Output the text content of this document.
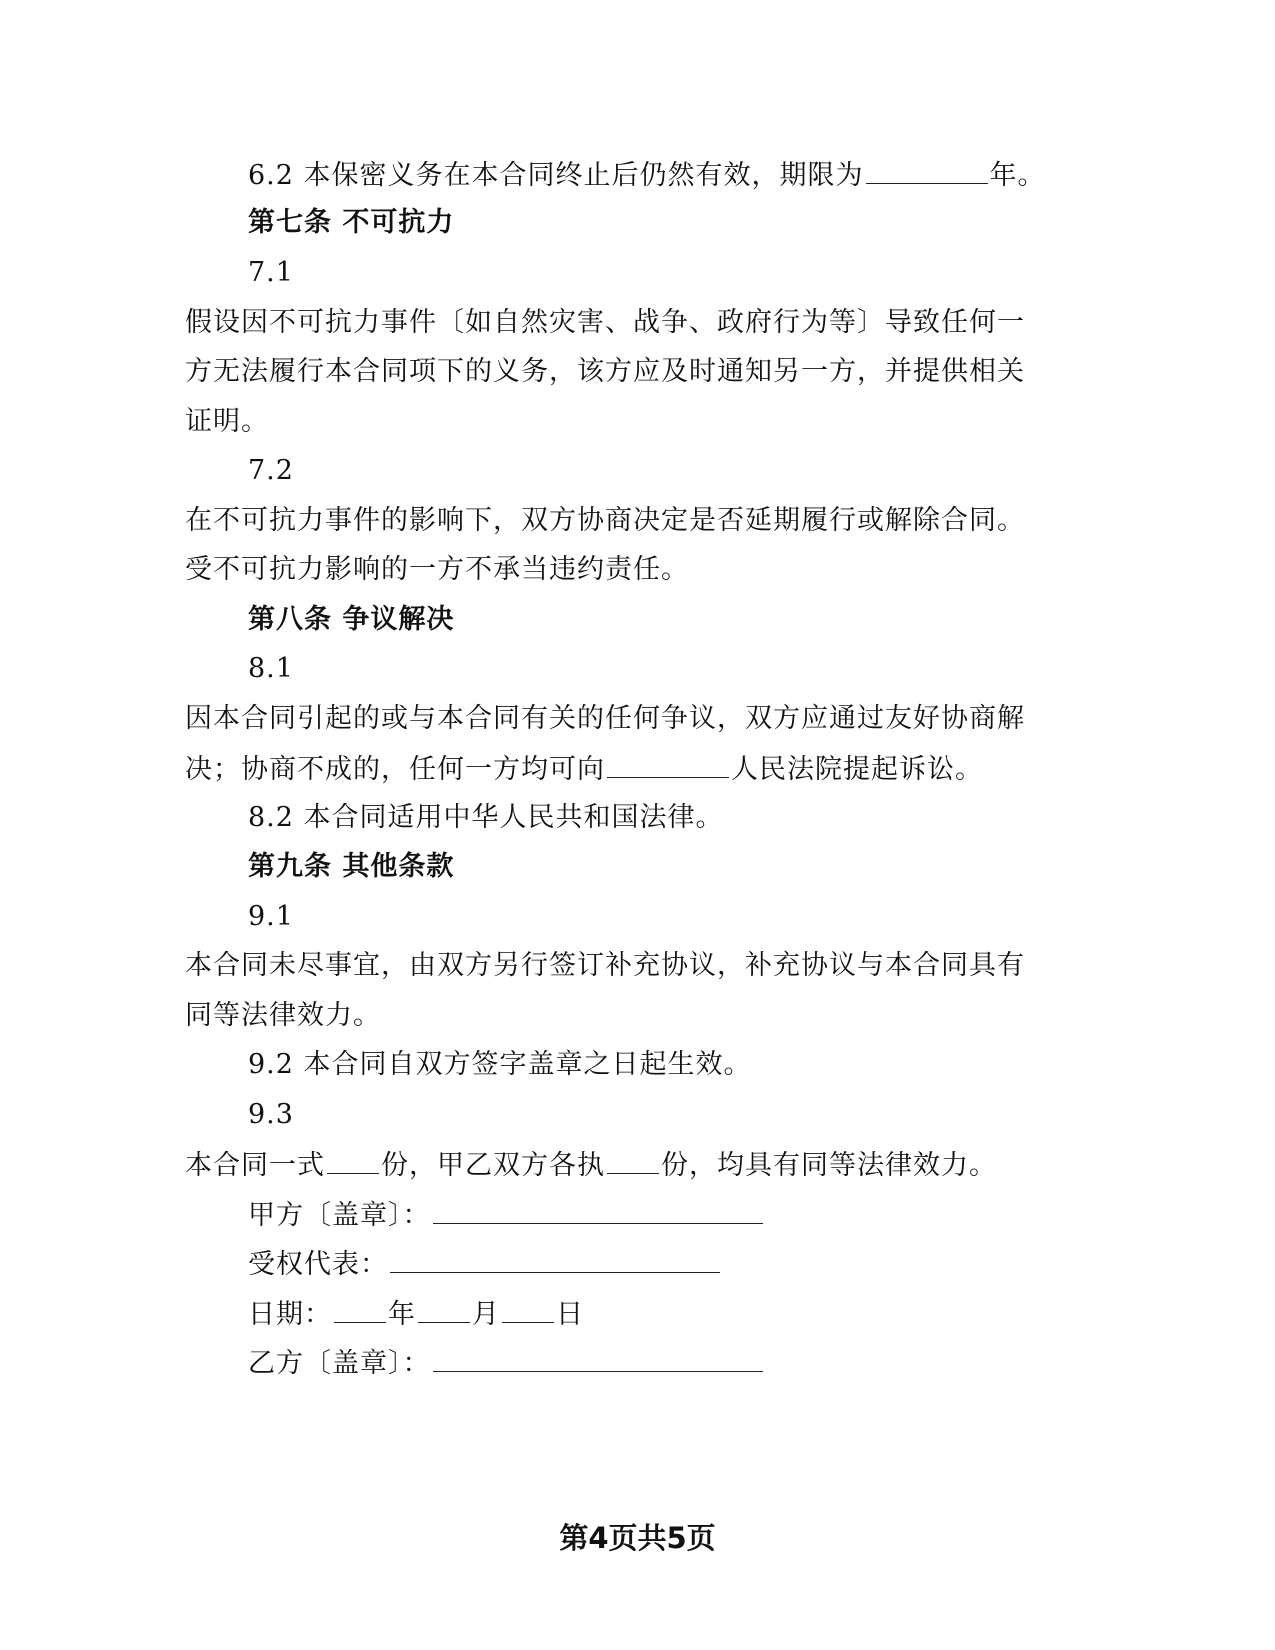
6.2 本保密义务在本合同终止后仍然有效，期限为	年。

第七条 不可抗力

7.1

假设因不可抗力事件〔如自然灾害、战争、政府行为等〕导致任何一

方无法履行本合同项下的义务，该方应及时通知另一方，并提供相关

证明。

7.2

在不可抗力事件的影响下，双方协商决定是否延期履行或解除合同。

受不可抗力影响的一方不承当违约责任。

第八条 争议解决

8.1

因本合同引起的或与本合同有关的任何争议，双方应通过友好协商解

决；协商不成的，任何一方均可向	人民法院提起诉讼。

8.2 本合同适用中华人民共和国法律。

第九条 其他条款

9.1

本合同未尽事宜，由双方另行签订补充协议，补充协议与本合同具有

同等法律效力。

9.2 本合同自双方签字盖章之日起生效。

9.3

本合同一式 份，甲乙双方各执 份，均具有同等法律效力。

甲方〔盖章〕：

受权代表：

日期： 年 月 日

乙方〔盖章〕：

第4页共5页
